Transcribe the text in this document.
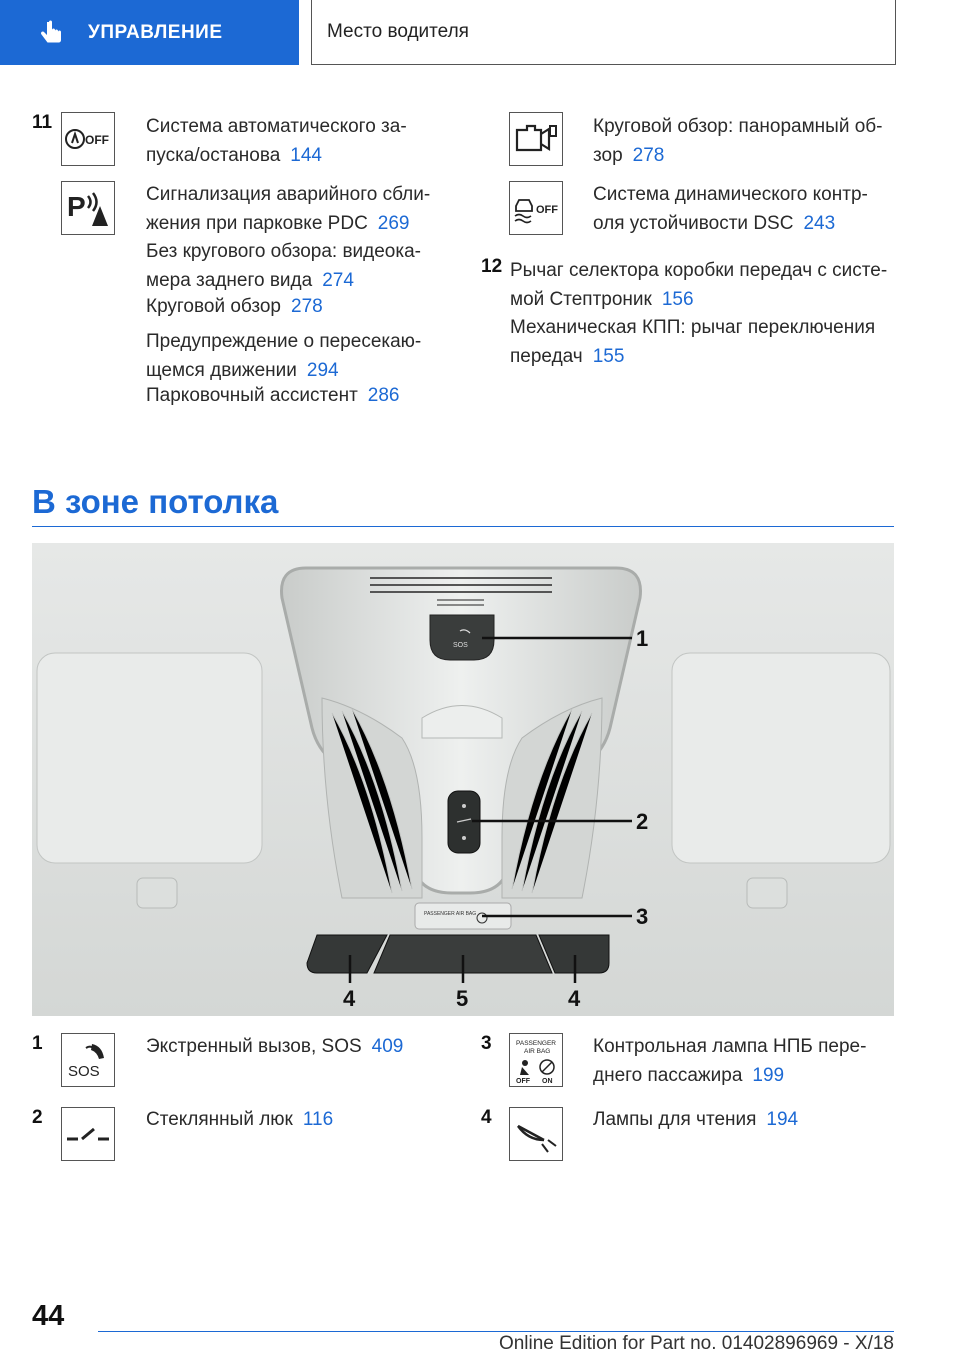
УПРАВЛЕНИЕ	Место водителя
11
OFF
Система автоматического за-
пуска/останова 144
P	Сигнализация аварийного сбли-
жения при парковке PDC 269
Без кругового обзора: видеока-
мера заднего вида 274
Круговой обзор 278
Предупреждение о пересекаю-
щемся движении 294
Парковочный ассистент 286
Круговой обзор: панорамный об-
зор 278
OFF
Система динамического контр-
оля устойчивости DSC 243
12 Рычаг селектора коробки передач с систе-
мой Стептроник 156
Механическая КПП: рычаг переключения
передач 155
В зоне потолка
SOS
PASSENGER AIR BAG
1
2
3
4	5	4
1
SOS
Экстренный вызов, SOS 409
2	Стеклянный люк 116
3	PASSENGER
AIR BAG
OFF ON
Контрольная лампа НПБ пере-
днего пассажира 199
4	Лампы для чтения 194
44
Online Edition for Part no. 01402896969 - X/18
